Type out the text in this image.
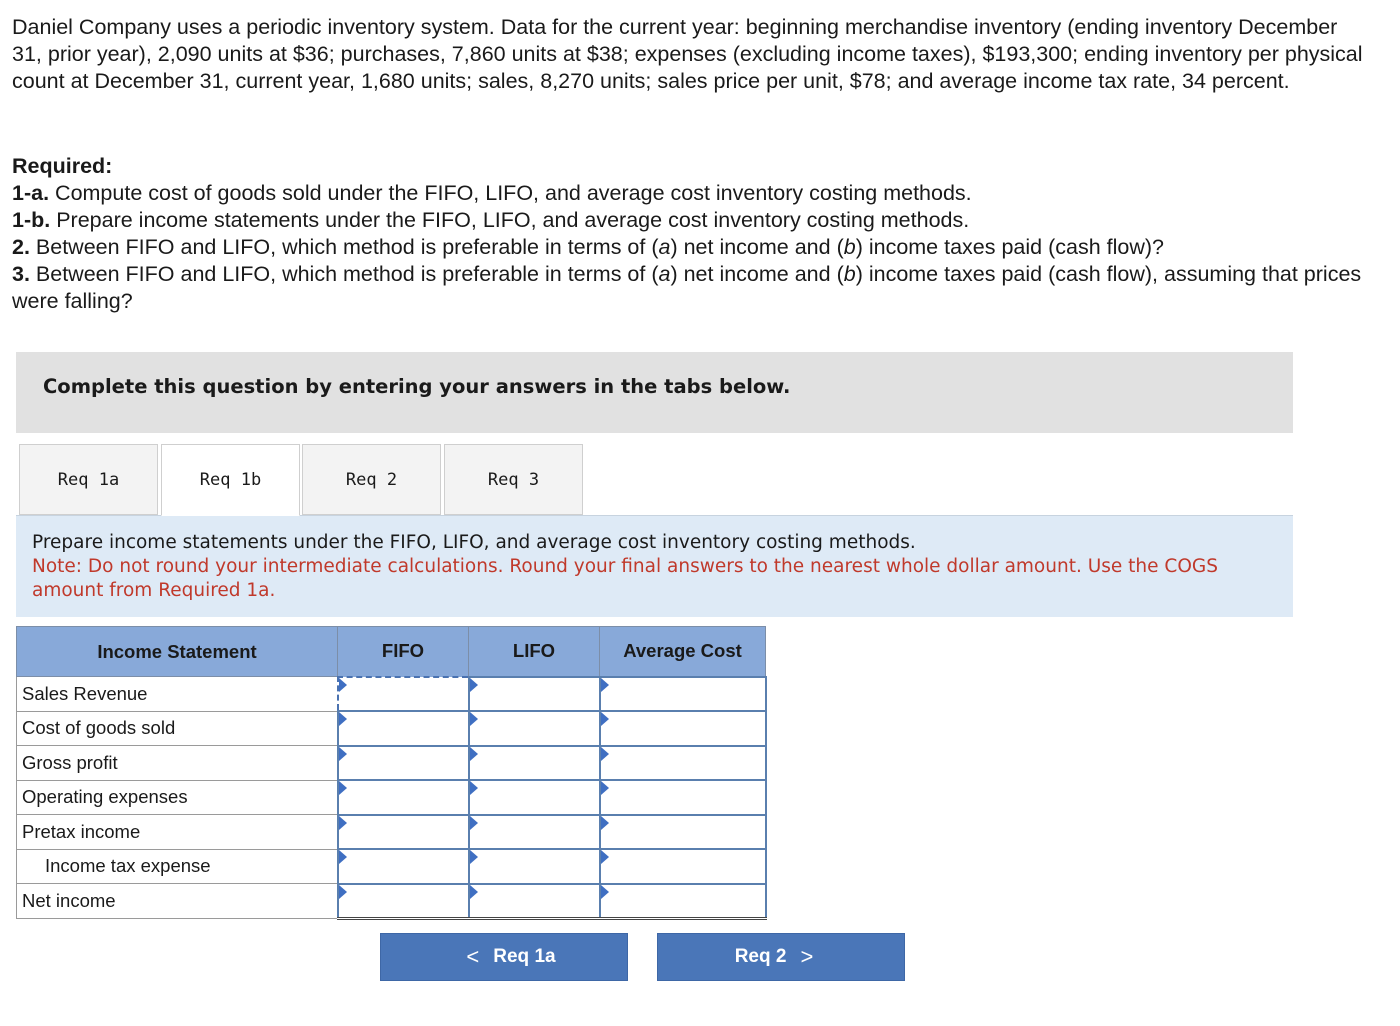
Daniel Company uses a periodic inventory system. Data for the current year: beginning merchandise inventory (ending inventory December 31, prior year), 2,090 units at $36; purchases, 7,860 units at $38; expenses (excluding income taxes), $193,300; ending inventory per physical count at December 31, current year, 1,680 units; sales, 8,270 units; sales price per unit, $78; and average income tax rate, 34 percent.

Required:
1-a. Compute cost of goods sold under the FIFO, LIFO, and average cost inventory costing methods.
1-b. Prepare income statements under the FIFO, LIFO, and average cost inventory costing methods.
2. Between FIFO and LIFO, which method is preferable in terms of (a) net income and (b) income taxes paid (cash flow)?
3. Between FIFO and LIFO, which method is preferable in terms of (a) net income and (b) income taxes paid (cash flow), assuming that prices were falling?
Complete this question by entering your answers in the tabs below.
Req 1a	Req 1b	Req 2	Req 3
Prepare income statements under the FIFO, LIFO, and average cost inventory costing methods.
Note: Do not round your intermediate calculations. Round your final answers to the nearest whole dollar amount. Use the COGS amount from Required 1a.
Income Statement	FIFO	LIFO	Average Cost
Sales Revenue	

Cost of goods sold	

Gross profit	

Operating expenses	

Pretax income	

Income tax expense	

Net income	

< Req 1a	Req 2 >
